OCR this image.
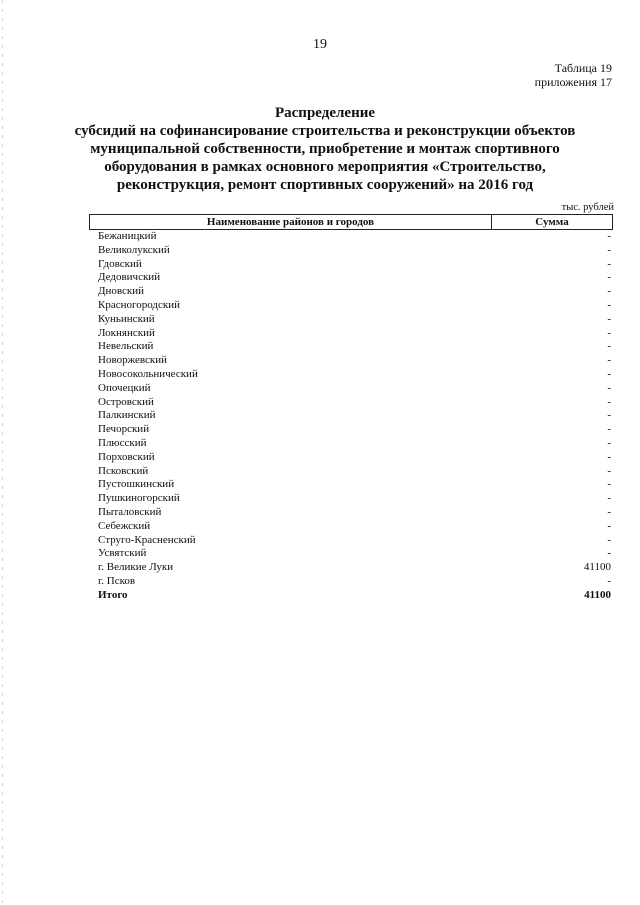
19
Таблица 19
приложения 17
Распределение
субсидий на софинансирование строительства и реконструкции объектов
муниципальной собственности, приобретение и монтаж спортивного
оборудования в рамках основного мероприятия «Строительство,
реконструкция, ремонт спортивных сооружений» на 2016 год
тыс. рублей
Наименование районов и городов	Сумма
Бежаницкий	-
Великолукский	-
Гдовский	-
Дедовичский	-
Дновский	-
Красногородский	-
Куньинский	-
Локнянский	-
Невельский	-
Новоржевский	-
Новосокольнический	-
Опочецкий	-
Островский	-
Палкинский	-
Печорский	-
Плюсский	-
Порховский	-
Псковский	-
Пустошкинский	-
Пушкиногорский	-
Пыталовский	-
Себежский	-
Струго-Красненский	-
Усвятский	-
г. Великие Луки	41100
г. Псков	-
Итого	41100
